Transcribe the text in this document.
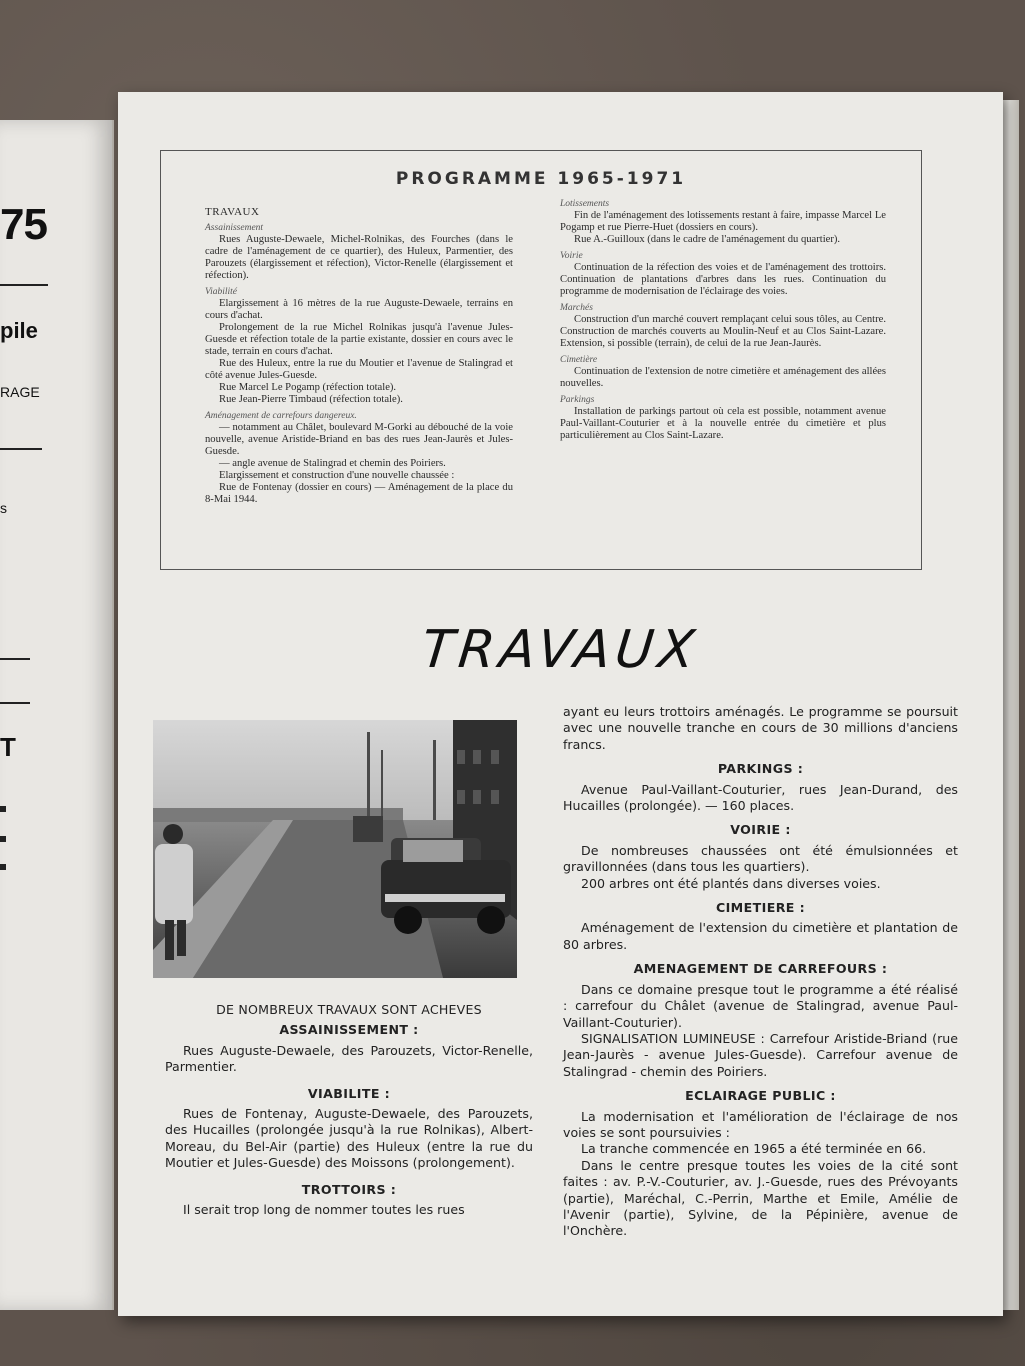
75
pile
RAGE
s
T
PROGRAMME 1965-1971
TRAVAUX
Assainissement

Rues Auguste-Dewaele, Michel-Rolnikas, des Fourches (dans le cadre de l'aménagement de ce quartier), des Huleux, Parmentier, des Parouzets (élargissement et réfection), Victor-Renelle (élargissement et réfection).

Viabilité

Elargissement à 16 mètres de la rue Auguste-Dewaele, terrains en cours d'achat.

Prolongement de la rue Michel Rolnikas jusqu'à l'avenue Jules-Guesde et réfection totale de la partie existante, dossier en cours avec le stade, terrain en cours d'achat.

Rue des Huleux, entre la rue du Moutier et l'avenue de Stalingrad et côté avenue Jules-Guesde.

Rue Marcel Le Pogamp (réfection totale).

Rue Jean-Pierre Timbaud (réfection totale).

Aménagement de carrefours dangereux.

— notamment au Châlet, boulevard M-Gorki au débouché de la voie nouvelle, avenue Aristide-Briand en bas des rues Jean-Jaurès et Jules-Guesde.

— angle avenue de Stalingrad et chemin des Poiriers.

Elargissement et construction d'une nouvelle chaussée :

Rue de Fontenay (dossier en cours) — Aménagement de la place du 8-Mai 1944.

Lotissements

Fin de l'aménagement des lotissements restant à faire, impasse Marcel Le Pogamp et rue Pierre-Huet (dossiers en cours).

Rue A.-Guilloux (dans le cadre de l'aménagement du quartier).

Voirie

Continuation de la réfection des voies et de l'aménagement des trottoirs. Continuation de plantations d'arbres dans les rues. Continuation du programme de modernisation de l'éclairage des voies.

Marchés

Construction d'un marché couvert remplaçant celui sous tôles, au Centre. Construction de marchés couverts au Moulin-Neuf et au Clos Saint-Lazare. Extension, si possible (terrain), de celui de la rue Jean-Jaurès.

Cimetière

Continuation de l'extension de notre cimetière et aménagement des allées nouvelles.

Parkings

Installation de parkings partout où cela est possible, notamment avenue Paul-Vaillant-Couturier et à la nouvelle entrée du cimetière et plus particulièrement au Clos Saint-Lazare.

TRAVAUX
DE NOMBREUX TRAVAUX SONT ACHEVES
ASSAINISSEMENT :

Rues Auguste-Dewaele, des Parouzets, Victor-Renelle, Parmentier.

VIABILITE :

Rues de Fontenay, Auguste-Dewaele, des Parouzets, des Hucailles (prolongée jusqu'à la rue Rolnikas), Albert-Moreau, du Bel-Air (partie) des Huleux (entre la rue du Moutier et Jules-Guesde) des Moissons (prolongement).

TROTTOIRS :

Il serait trop long de nommer toutes les rues

ayant eu leurs trottoirs aménagés. Le programme se poursuit avec une nouvelle tranche en cours de 30 millions d'anciens francs.

PARKINGS :

Avenue Paul-Vaillant-Couturier, rues Jean-Durand, des Hucailles (prolongée). — 160 places.

VOIRIE :

De nombreuses chaussées ont été émulsionnées et gravillonnées (dans tous les quartiers).

200 arbres ont été plantés dans diverses voies.

CIMETIERE :

Aménagement de l'extension du cimetière et plantation de 80 arbres.

AMENAGEMENT DE CARREFOURS :

Dans ce domaine presque tout le programme a été réalisé : carrefour du Châlet (avenue de Stalingrad, avenue Paul-Vaillant-Couturier).

SIGNALISATION LUMINEUSE : Carrefour Aristide-Briand (rue Jean-Jaurès - avenue Jules-Guesde). Carrefour avenue de Stalingrad - chemin des Poiriers.

ECLAIRAGE PUBLIC :

La modernisation et l'amélioration de l'éclairage de nos voies se sont poursuivies :

La tranche commencée en 1965 a été terminée en 66.

Dans le centre presque toutes les voies de la cité sont faites : av. P.-V.-Couturier, av. J.-Guesde, rues des Prévoyants (partie), Maréchal, C.-Perrin, Marthe et Emile, Amélie de l'Avenir (partie), Sylvine, de la Pépinière, avenue de l'Onchère.
